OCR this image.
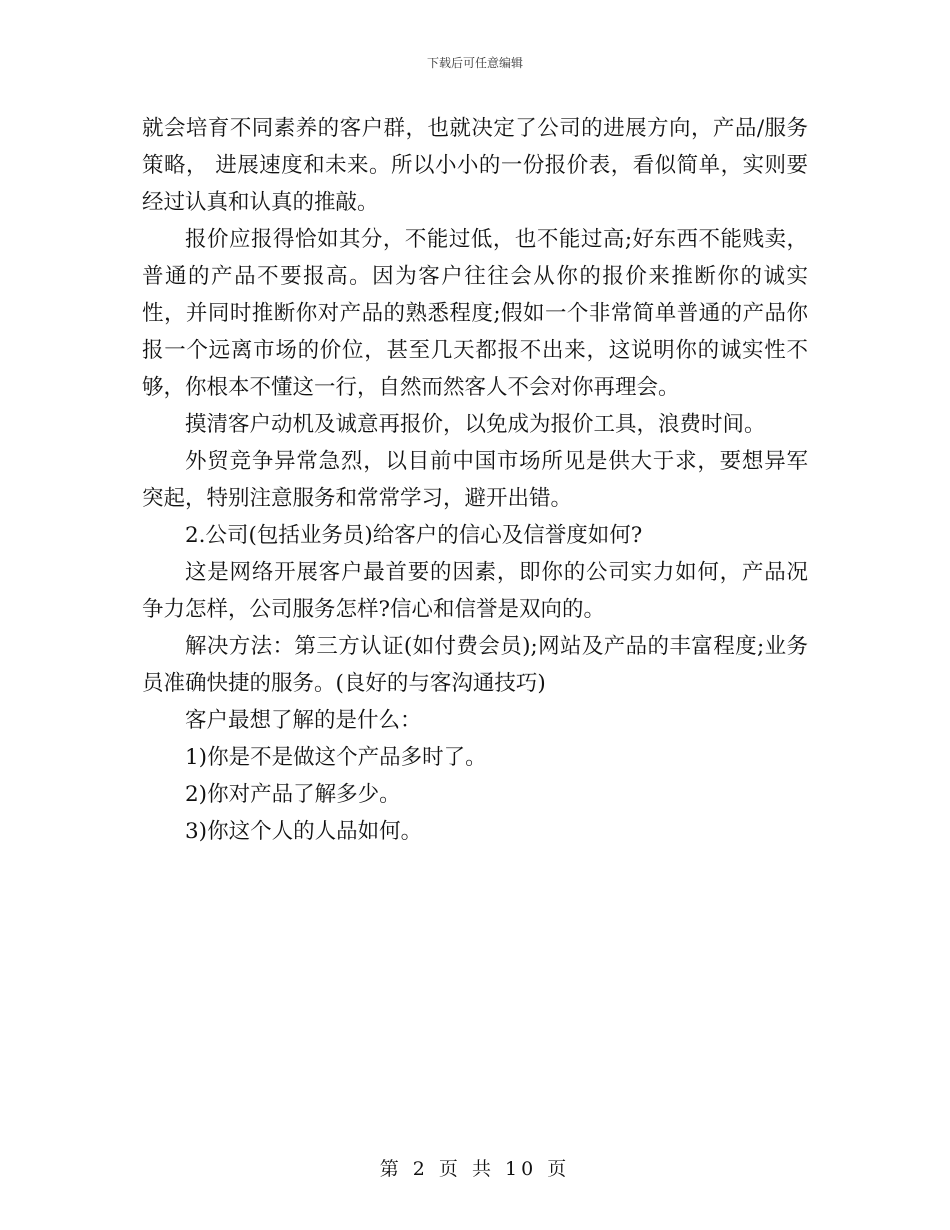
下载后可任意编辑

就会培育不同素养的客户群，也就决定了公司的进展方向，产品/服务策略， 进展速度和未来。所以小小的一份报价表，看似简单，实则要经过认真和认真的推敲。

报价应报得恰如其分，不能过低，也不能过高;好东西不能贱卖，普通的产品不要报高。因为客户往往会从你的报价来推断你的诚实性，并同时推断你对产品的熟悉程度;假如一个非常简单普通的产品你报一个远离市场的价位，甚至几天都报不出来，这说明你的诚实性不够，你根本不懂这一行，自然而然客人不会对你再理会。

摸清客户动机及诚意再报价，以免成为报价工具，浪费时间。

外贸竞争异常急烈，以目前中国市场所见是供大于求，要想异军突起，特别注意服务和常常学习，避开出错。

2.公司(包括业务员)给客户的信心及信誉度如何?

这是网络开展客户最首要的因素，即你的公司实力如何，产品况争力怎样，公司服务怎样?信心和信誉是双向的。

解决方法：第三方认证(如付费会员);网站及产品的丰富程度;业务员准确快捷的服务。(良好的与客沟通技巧)

客户最想了解的是什么：

1)你是不是做这个产品多时了。

2)你对产品了解多少。

3)你这个人的人品如何。

第 2 页 共 10 页
